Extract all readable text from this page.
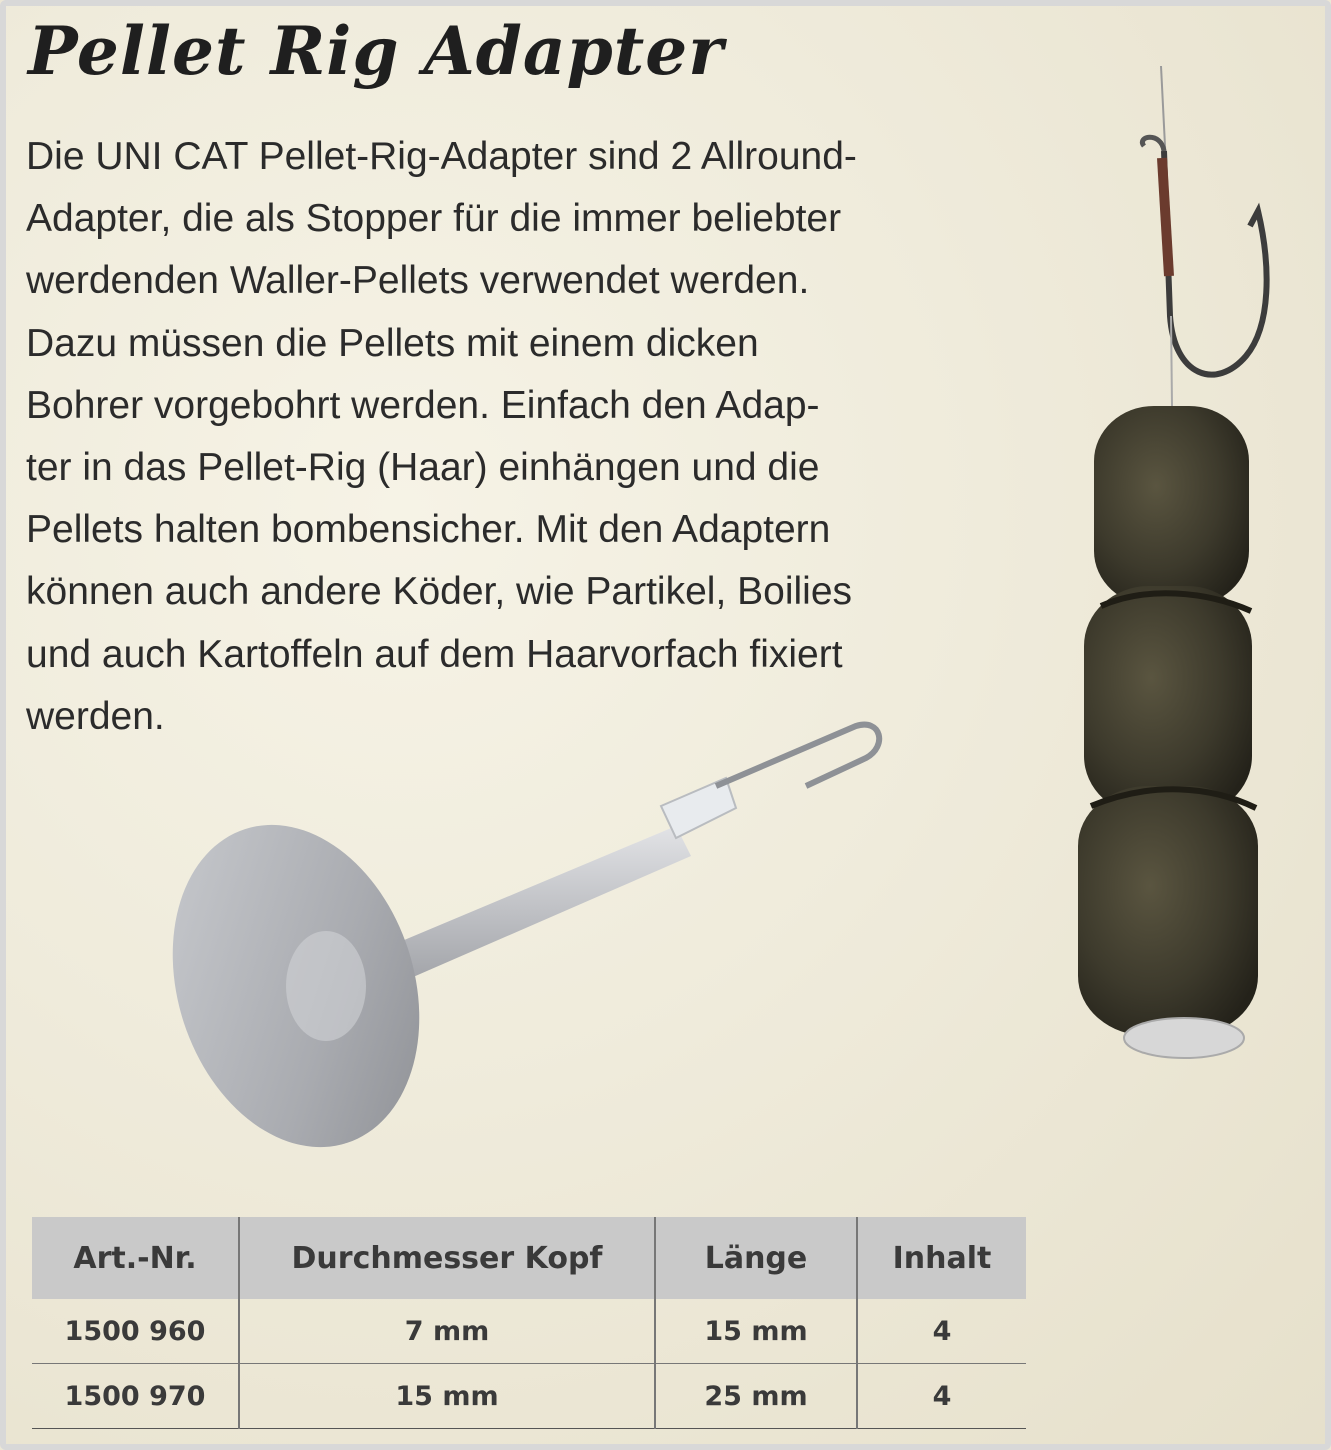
Pellet Rig Adapter

Die UNI CAT Pellet-Rig-Adapter sind 2 Allround-
Adapter, die als Stopper für die immer beliebter
werdenden Waller-Pellets verwendet werden.
Dazu müssen die Pellets mit einem dicken
Bohrer vorgebohrt werden. Einfach den Adap-
ter in das Pellet-Rig (Haar) einhängen und die
Pellets halten bombensicher. Mit den Adaptern
können auch andere Köder, wie Partikel, Boilies
und auch Kartoffeln auf dem Haarvorfach fixiert
werden.

Art.-Nr.	Durchmesser Kopf	Länge	Inhalt
1500 960	7 mm	15 mm	4
1500 970	15 mm	25 mm	4
